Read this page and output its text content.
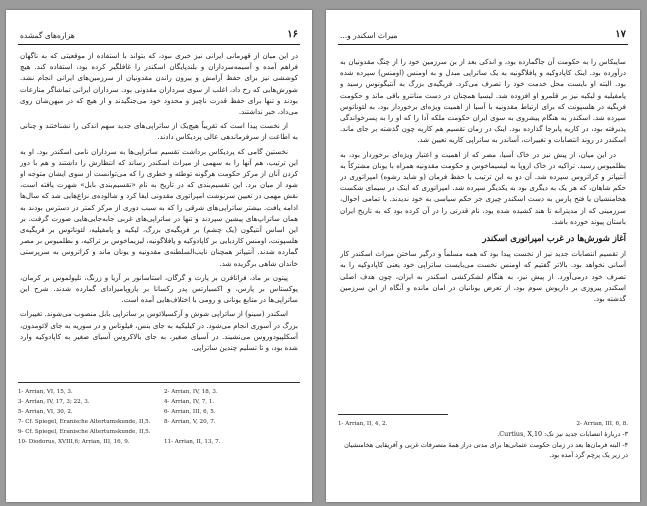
١۶
هزاره‌های گمشده

در این میان از قهرمانی ایرانی نیز خبری نبود، که بتواند با استفاده از موقعیتی که به ناگهان فراهم آمده و آسیمه‌سرداران و بلندپایگان اسکندر را غافلگیر کرده بود، استفاده کند. هیچ کوششی نیز برای حفظ آرامش و بیرون راندن مقدونیان از سرزمین‌های ایرانی انجام نشد. شورش‌هایی که رخ داد، اغلب از سوی سرداران مقدونی بود. سرداران ایرانی تماشاگر منازعات بودند و تنها برای حفظ قدرت ناچیز و محدود خود می‌جنگیدند و از هیچ که در میهن‌شان روی می‌داد، خبر نداشتند.

از نخست پیدا است که تقریباً هیچ‌یک از ساتراپی‌های جدید سهم اندکی را نشناختند و چنانی به اطاعت از سرفرماندهی عالی پردیکاس دادند.

نخستین گامی که پردیکاس برداشت تقسیم ساتراپی‌ها به سرداران نامی اسکندر بود. او به این ترتیب، هم آنها را به سهمی از میراث اسکندر رساند که انتظارش را داشتند و هم با دور کردن آنان از مرکز حکومت هرگونه توطئه و خطری را که می‌توانست از سوی ایشان متوجه او شود از میان برد. این تقسیم‌بندی که در تاریخ به نام «تقسیم‌بندی بابل» شهرت یافته است، نقش مهمی در تعیین سرنوشت امپراتوری مقدونی ایفا کرد و شالوده‌ی نزاع‌هایی شد که سال‌ها ادامه یافت. بیشتر ساتراپی‌های شرقی را که به سبب دوری از مرکز کمتر در دسترس بودند به همان ساتراپ‌های پیشین سپردند و تنها در ساتراپی‌های غربی جابه‌جایی‌هایی صورت گرفت. بر این اساس آنتیگون (یک چشم) بر فریگیه‌ی بزرگ، لیکیه و پامفیلیه، لئوناتوس بر فریگیه‌ی هلسپونت، اومنس کاردیایی بر کاپادوکیه و پافلاگونیه، لیزیماخوس بر تراکیه، و بطلمیوس بر مصر گمارده شدند. آنتیپاتر همچنان نایب‌السلطنه‌ی مقدونیه و یونان ماند و کراتروس به سرپرستی خاندان شاهی برگزیده شد.

پیتون بر ماد، فراتافرن بر پارت و گرگان، استاسانور بر آریا و زرنگ، تلپولموس بر کرمان، پوکستاس بر پارس، و اکسیارتس پدر رکسانا بر پاروپامیزادای گمارده شدند. شرح این ساتراپی‌ها در منابع یونانی و رومی با اختلاف‌هایی آمده است.

اسکندر (سینو) از ساتراپی شوش و آرکسیلائوس بر ساتراپی بابل منصوب می‌شوند. تغییرات بزرگ در آسوری انجام می‌شود. در کیلیکیه به جای بنس، فیلوتاس و در سوریه به جای لائومدون، آسکلپیودوروس می‌نشیند. در آسیای صغیر، به جای بالاکروس آسیای صغیر به کاپادوکیه وارد شده بود، و تا تسلیم چندین ساتراپی.

1- Arrian, VI, 15, 3.	2- Arrian, IV, 18, 3.
3- Arrian, IV, 17, 3; 22, 3.	4- Arrian, IV, 7, 1.
5- Arrian, VI, 30, 2.	6- Arrian, III, 6, 5.
7- Cf. Spiegel, Eranische Altertumskunde, II,5.	8- Arrian, V, 20, 7.
9- Cf. Spiegel, Eranische Altertumskunde, II,5.
10- Diodorus, XVIII,6; Arrian, III, 16, 9.	11- Arrian, II, 13, 7.
١٧
میراث اسکندر و...

سایبکاس را به حکومت آن جاگمارده بود، و اندکی بعد از بن سرزمین خود را از چنگ مقدونیان به درآورده بود. اینک کاپادوکیه و پافلاگونیه به یک ساتراپی مبدل و به اومنس (اومنس) سپرده شده بود. البته او بایست محل خدمت خود را تصرف می‌کرد. فریگیه‌ی بزرگ به آنتیگونوس رسید و پامفیلیه و لیکیه نیز بر قلمرو او افزوده شد. لیسیا همچنان در دست منانترو باقی ماند و حکومت فریگیه در هلسپونت که برای ارتباط مقدونیه با آسیا از اهمیت ویژه‌ای برخوردار بود، به لئوناتوس سپرده شد. اسکندر به هنگام پیشروی به سوی ایران حکومت ملکه آدا را که او را به پسرخواندگی پذیرفته بود، در کاریه پابرجا گذارده بود. اینک در زمان تقسیم هم کاریه چون گذشته بر جای ماند. اسکندر در روند انتصابات و تغییرات، آساندر به ساتراپی کاریه تعیین شد.

در این میان، از پیش نیز در خاک آسیا، مصر که از اهمیت و اعتبار ویژه‌ای برخوردار بود، به بطلمیوس رسید. تراکیه در خاک اروپا به لیسیماخوس و حکومت مقدونیه همراه با یونان مشترکاً به آنتیپاتر و کراتروس سپرده شد. آن دو به این ترتیب با حفظ فرمان (و شاید رشوه) امپراتوری در حکم شاهان، که هر یک به دیگری بود به یکدیگر سپرده شد. امپراتوری که اینک در سیمای شکست هخامنشیان یا فتح پارس به دست اسکندر چیزی جز حکم سیاسی به خود ندیدند. با تمامی احوال، سرزمینی که از مدیترانه تا هند کشیده شده بود، نام قدرتی را در آن کرده بود که به تاریخ ایران باستان پیوند خورده باشد.

آغاز شورش‌ها در غرب امپراتوری اسکندر

از تقسیم انتصابات جدید نیز از نخست پیدا بود که همه مسلماً و درگیر ساختن میراث اسکندر کار آسانی نخواهد بود. بالاتر گفتیم که اومنس نخست می‌بایست ساتراپی خود یعنی کاپادوکیه را به تصرف خود درمی‌آورد. از پیش نیز، به هنگام لشکرکشی اسکندر به ایران، چون هدف اصلی اسکندر پیروزی بر داریوش سوم بود، از تعرض یونانیان در امان مانده و آنگاه از این سرزمین گذشته بود.

1- Arrian, II, 4, 2.	2- Arrian, III, 6, 8.
۳- دربارهٔ انتصابات جدید نیز نک: Curtius, X,10.
۴- البته فرمان‌ها بعد در زمان حکومت عثمانی‌ها برای مدتی دراز همهٔ متصرفات غربی و آفریقایی هخامنشیان در زیر یک پرچم گرد آمده بود.
